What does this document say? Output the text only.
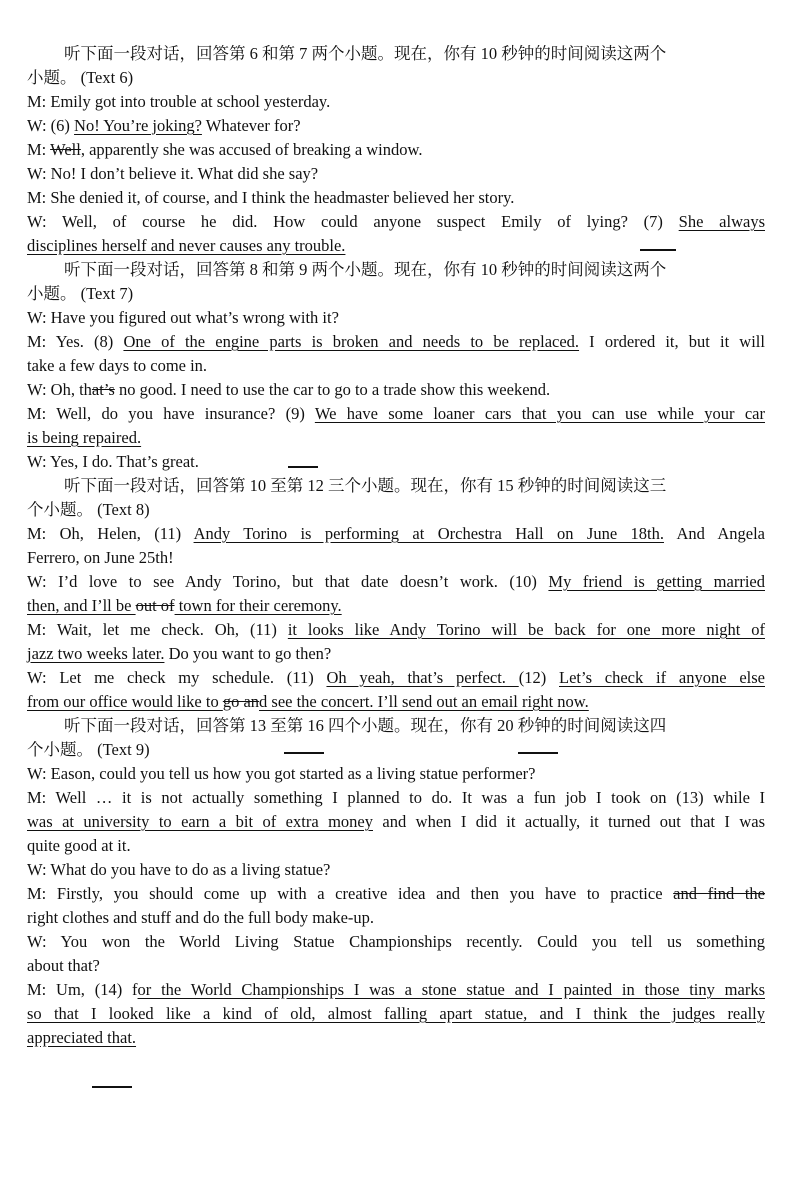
听下面一段对话，回答第 6 和第 7 两个小题。现在，你有 10 秒钟的时间阅读这两个
小题。 (Text 6)
M: Emily got into trouble at school yesterday.
W: (6) No! You’re joking? Whatever for?
M: Well, apparently she was accused of breaking a window.
W: No! I don’t believe it. What did she say?
M: She denied it, of course, and I think the headmaster believed her story.
W: Well, of course he did. How could anyone suspect Emily of lying? (7) She always
disciplines herself and never causes any trouble.
听下面一段对话，回答第 8 和第 9 两个小题。现在，你有 10 秒钟的时间阅读这两个
小题。 (Text 7)
W: Have you figured out what’s wrong with it?
M: Yes. (8) One of the engine parts is broken and needs to be replaced. I ordered it, but it will
take a few days to come in.
W: Oh, that’s no good. I need to use the car to go to a trade show this weekend.
M: Well, do you have insurance? (9) We have some loaner cars that you can use while your car
is being repaired.
W: Yes, I do. That’s great.
听下面一段对话，回答第 10 至第 12 三个小题。现在，你有 15 秒钟的时间阅读这三
个小题。 (Text 8)
M: Oh, Helen, (11) Andy Torino is performing at Orchestra Hall on June 18th. And Angela
Ferrero, on June 25th!
W: I’d love to see Andy Torino, but that date doesn’t work. (10) My friend is getting married
then, and I’ll be out of town for their ceremony.
M: Wait, let me check. Oh, (11) it looks like Andy Torino will be back for one more night of
jazz two weeks later. Do you want to go then?
W: Let me check my schedule. (11) Oh yeah, that’s perfect. (12) Let’s check if anyone else
from our office would like to go and see the concert. I’ll send out an email right now.
听下面一段对话，回答第 13 至第 16 四个小题。现在，你有 20 秒钟的时间阅读这四
个小题。 (Text 9)
W: Eason, could you tell us how you got started as a living statue performer?
M: Well … it is not actually something I planned to do. It was a fun job I took on (13) while I
was at university to earn a bit of extra money and when I did it actually, it turned out that I was
quite good at it.
W: What do you have to do as a living statue?
M: Firstly, you should come up with a creative idea and then you have to practice and find the
right clothes and stuff and do the full body make-up.
W: You won the World Living Statue Championships recently. Could you tell us something
about that?
M: Um, (14) for the World Championships I was a stone statue and I painted in those tiny marks
so that I looked like a kind of old, almost falling apart statue, and I think the judges really
appreciated that.
